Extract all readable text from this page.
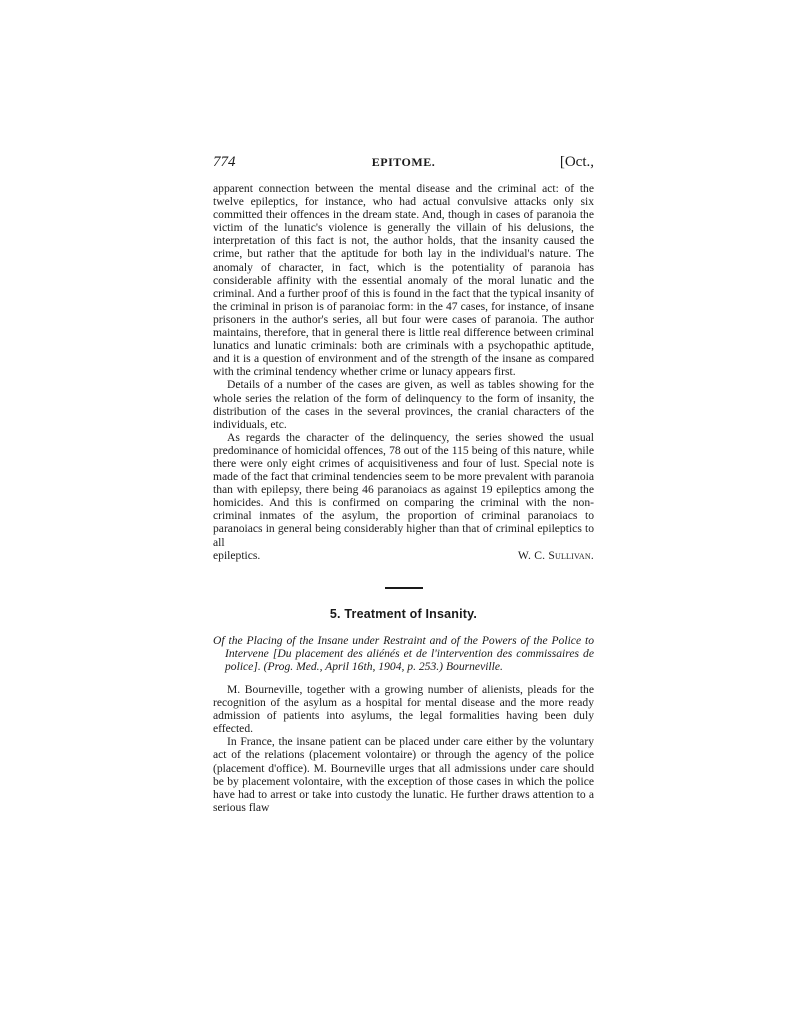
774	EPITOME.	[Oct.,

apparent connection between the mental disease and the criminal act: of the twelve epileptics, for instance, who had actual convulsive attacks only six committed their offences in the dream state. And, though in cases of paranoia the victim of the lunatic's violence is generally the villain of his delusions, the interpretation of this fact is not, the author holds, that the insanity caused the crime, but rather that the aptitude for both lay in the individual's nature. The anomaly of character, in fact, which is the potentiality of paranoia has considerable affinity with the essential anomaly of the moral lunatic and the criminal. And a further proof of this is found in the fact that the typical insanity of the criminal in prison is of paranoiac form: in the 47 cases, for instance, of insane prisoners in the author's series, all but four were cases of paranoia. The author maintains, therefore, that in general there is little real difference between criminal lunatics and lunatic criminals: both are criminals with a psychopathic aptitude, and it is a question of environment and of the strength of the insane as compared with the criminal tendency whether crime or lunacy appears first.

Details of a number of the cases are given, as well as tables showing for the whole series the relation of the form of delinquency to the form of insanity, the distribution of the cases in the several provinces, the cranial characters of the individuals, etc.

As regards the character of the delinquency, the series showed the usual predominance of homicidal offences, 78 out of the 115 being of this nature, while there were only eight crimes of acquisitiveness and four of lust. Special note is made of the fact that criminal tendencies seem to be more prevalent with paranoia than with epilepsy, there being 46 paranoiacs as against 19 epileptics among the homicides. And this is confirmed on comparing the criminal with the non-criminal inmates of the asylum, the proportion of criminal paranoiacs to paranoiacs in general being considerably higher than that of criminal epileptics to all

epileptics.	W. C. Sullivan.
5. Treatment of Insanity.
Of the Placing of the Insane under Restraint and of the Powers of the Police to Intervene [Du placement des aliénés et de l'intervention des commissaires de police]. (Prog. Med., April 16th, 1904, p. 253.) Bourneville.

M. Bourneville, together with a growing number of alienists, pleads for the recognition of the asylum as a hospital for mental disease and the more ready admission of patients into asylums, the legal formalities having been duly effected.

In France, the insane patient can be placed under care either by the voluntary act of the relations (placement volontaire) or through the agency of the police (placement d'office). M. Bourneville urges that all admissions under care should be by placement volontaire, with the exception of those cases in which the police have had to arrest or take into custody the lunatic. He further draws attention to a serious flaw
